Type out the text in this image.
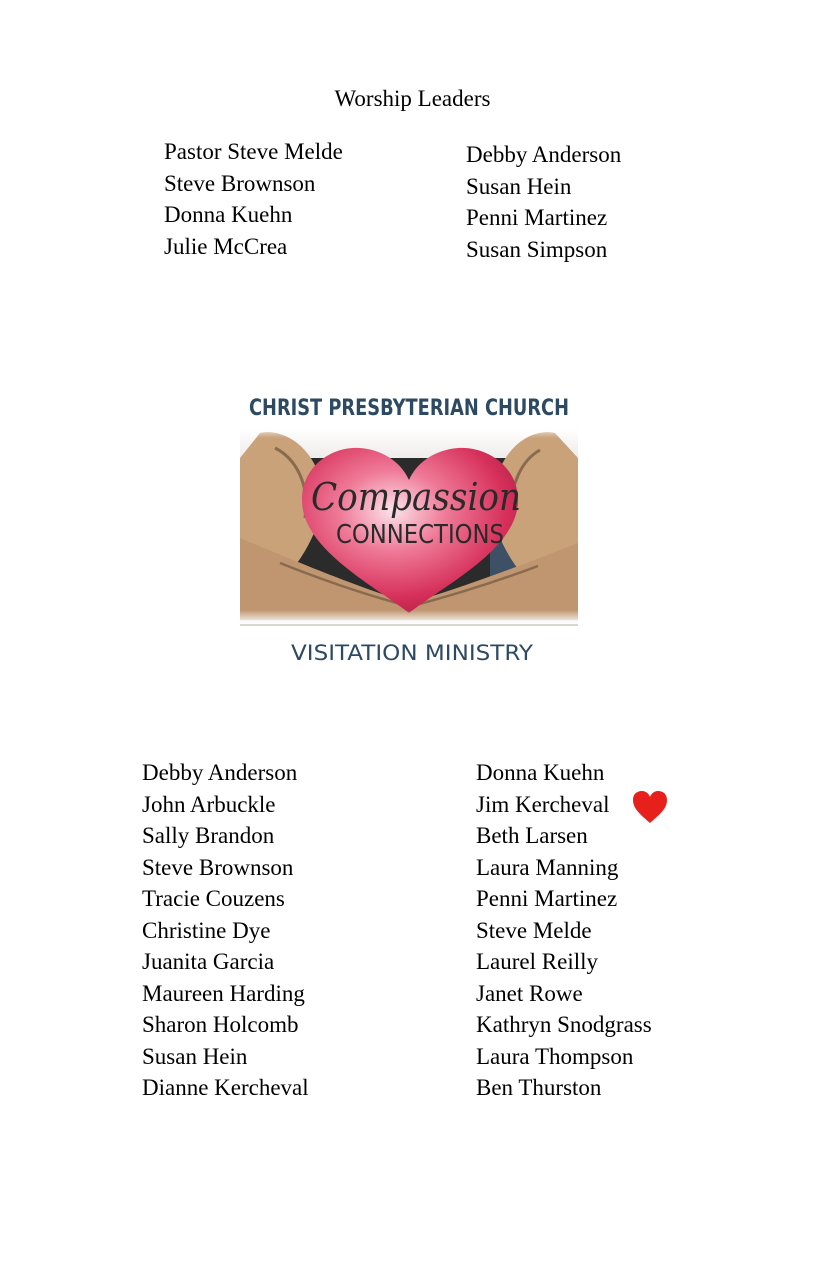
Worship Leaders
Pastor Steve Melde
Steve Brownson
Donna Kuehn
Julie McCrea
Debby Anderson
Susan Hein
Penni Martinez
Susan Simpson
CHRIST PRESBYTERIAN CHURCH
Compassion
CONNECTIONS
VISITATION MINISTRY
Debby Anderson
John Arbuckle
Sally Brandon
Steve Brownson
Tracie Couzens
Christine Dye
Juanita Garcia
Maureen Harding
Sharon Holcomb
Susan Hein
Dianne Kercheval
Donna Kuehn
Jim Kercheval
Beth Larsen
Laura Manning
Penni Martinez
Steve Melde
Laurel Reilly
Janet Rowe
Kathryn Snodgrass
Laura Thompson
Ben Thurston
